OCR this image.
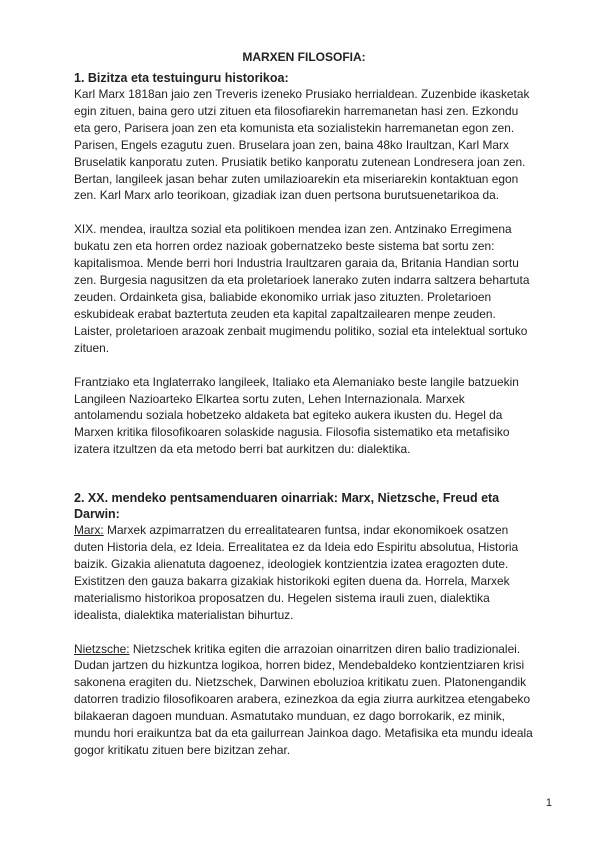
MARXEN FILOSOFIA:
1. Bizitza eta testuinguru historikoa:

Karl Marx 1818an jaio zen Treveris izeneko Prusiako herrialdean. Zuzenbide ikasketak egin zituen, baina gero utzi zituen eta filosofiarekin harremanetan hasi zen. Ezkondu eta gero, Parisera joan zen eta komunista eta sozialistekin harremanetan egon zen. Parisen, Engels ezagutu zuen. Bruselara joan zen, baina 48ko Iraultzan, Karl Marx Bruselatik kanporatu zuten. Prusiatik betiko kanporatu zutenean Londresera joan zen. Bertan, langileek jasan behar zuten umilazioarekin eta miseriarekin kontaktuan egon zen. Karl Marx arlo teorikoan, gizadiak izan duen pertsona burutsuenetarikoa da.

XIX. mendea, iraultza sozial eta politikoen mendea izan zen. Antzinako Erregimena bukatu zen eta horren ordez nazioak gobernatzeko beste sistema bat sortu zen: kapitalismoa. Mende berri hori Industria Iraultzaren garaia da, Britania Handian sortu zen. Burgesia nagusitzen da eta proletarioek lanerako zuten indarra saltzera behartuta zeuden. Ordainketa gisa, baliabide ekonomiko urriak jaso zituzten. Proletarioen eskubideak erabat baztertuta zeuden eta kapital zapaltzailearen menpe zeuden. Laister, proletarioen arazoak zenbait mugimendu politiko, sozial eta intelektual sortuko zituen.

Frantziako eta Inglaterrako langileek, Italiako eta Alemaniako beste langile batzuekin Langileen Nazioarteko Elkartea sortu zuten, Lehen Internazionala. Marxek antolamendu soziala hobetzeko aldaketa bat egiteko aukera ikusten du. Hegel da Marxen kritika filosofikoaren solaskide nagusia. Filosofia sistematiko eta metafisiko izatera itzultzen da eta metodo berri bat aurkitzen du: dialektika.

2. XX. mendeko pentsamenduaren oinarriak: Marx, Nietzsche, Freud eta Darwin:

Marx: Marxek azpimarratzen du errealitatearen funtsa, indar ekonomikoek osatzen duten Historia dela, ez Ideia. Errealitatea ez da Ideia edo Espiritu absolutua, Historia baizik. Gizakia alienatuta dagoenez, ideologiek kontzientzia izatea eragozten dute. Existitzen den gauza bakarra gizakiak historikoki egiten duena da. Horrela, Marxek materialismo historikoa proposatzen du. Hegelen sistema irauli zuen, dialektika idealista, dialektika materialistan bihurtuz.

Nietzsche: Nietzschek kritika egiten die arrazoian oinarritzen diren balio tradizionalei. Dudan jartzen du hizkuntza logikoa, horren bidez, Mendebaldeko kontzientziaren krisi sakonena eragiten du. Nietzschek, Darwinen eboluzioa kritikatu zuen. Platonengandik datorren tradizio filosofikoaren arabera, ezinezkoa da egia ziurra aurkitzea etengabeko bilakaeran dagoen munduan. Asmatutako munduan, ez dago borrokarik, ez minik, mundu hori eraikuntza bat da eta gailurrean Jainkoa dago. Metafisika eta mundu ideala gogor kritikatu zituen bere bizitzan zehar.

1
